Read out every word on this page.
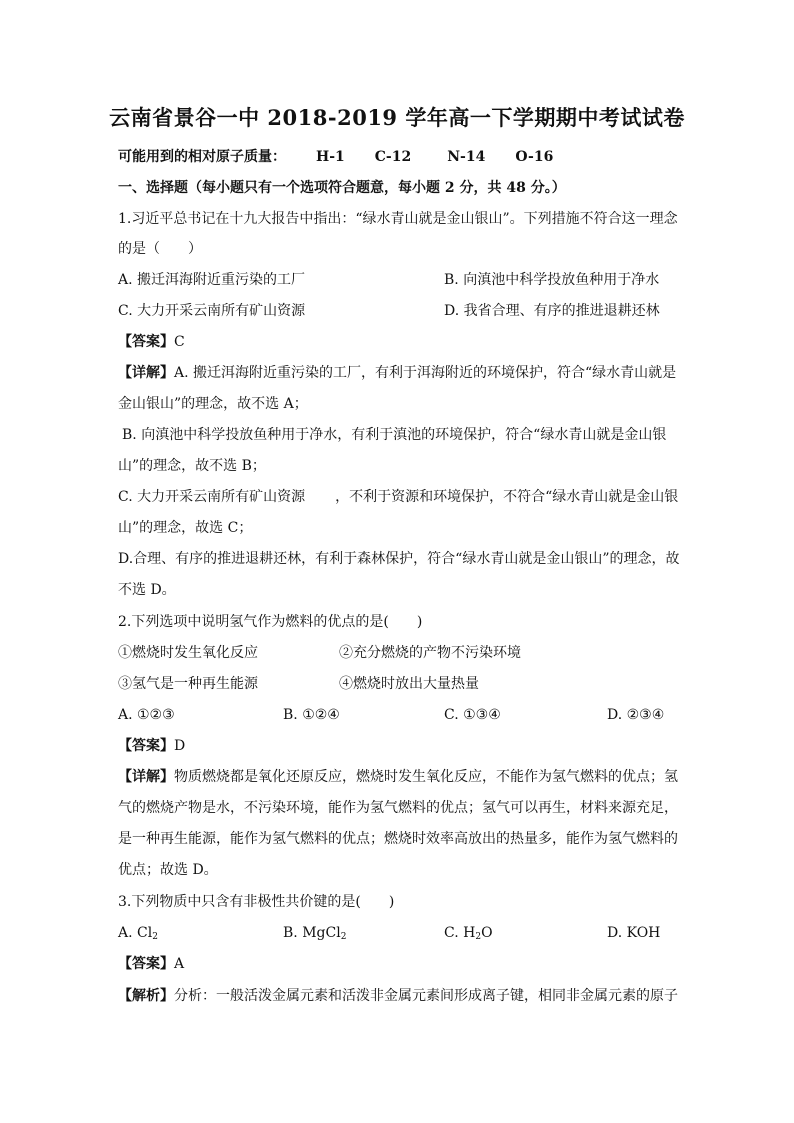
云南省景谷一中 2018-2019 学年高一下学期期中考试试卷
可能用到的相对原子质量： H-1 C-12	N-14 O-16
一、选择题（每小题只有一个选项符合题意，每小题 2 分，共 48 分。）
1.习近平总书记在十九大报告中指出：“绿水青山就是金山银山”。下列措施不符合这一理念
的是（　　）
A. 搬迁洱海附近重污染的工厂	B. 向滇池中科学投放鱼种用于净水
C. 大力开采云南所有矿山资源	D. 我省合理、有序的推进退耕还林
【答案】C
【详解】A. 搬迁洱海附近重污染的工厂，有利于洱海附近的环境保护，符合“绿水青山就是
金山银山”的理念，故不选 A；
B. 向滇池中科学投放鱼种用于净水，有利于滇池的环境保护，符合“绿水青山就是金山银
山”的理念，故不选 B；
C. 大力开采云南所有矿山资源 ，不利于资源和环境保护，不符合“绿水青山就是金山银
山”的理念，故选 C；
D.合理、有序的推进退耕还林，有利于森林保护，符合“绿水青山就是金山银山”的理念，故
不选 D。
2.下列选项中说明氢气作为燃料的优点的是(　　)
①燃烧时发生氧化反应	②充分燃烧的产物不污染环境
③氢气是一种再生能源	④燃烧时放出大量热量
A. ①②③	B. ①②④	C. ①③④	D. ②③④
【答案】D
【详解】物质燃烧都是氧化还原反应，燃烧时发生氧化反应，不能作为氢气燃料的优点；氢
气的燃烧产物是水，不污染环境，能作为氢气燃料的优点；氢气可以再生，材料来源充足，
是一种再生能源，能作为氢气燃料的优点；燃烧时效率高放出的热量多，能作为氢气燃料的
优点；故选 D。
3.下列物质中只含有非极性共价键的是(　　)
A. $Cl_2$	B. MgCl$_2$	C. $H_2O$	D. KOH
【答案】A
【解析】分析：一般活泼金属元素和活泼非金属元素间形成离子键，相同非金属元素的原子
